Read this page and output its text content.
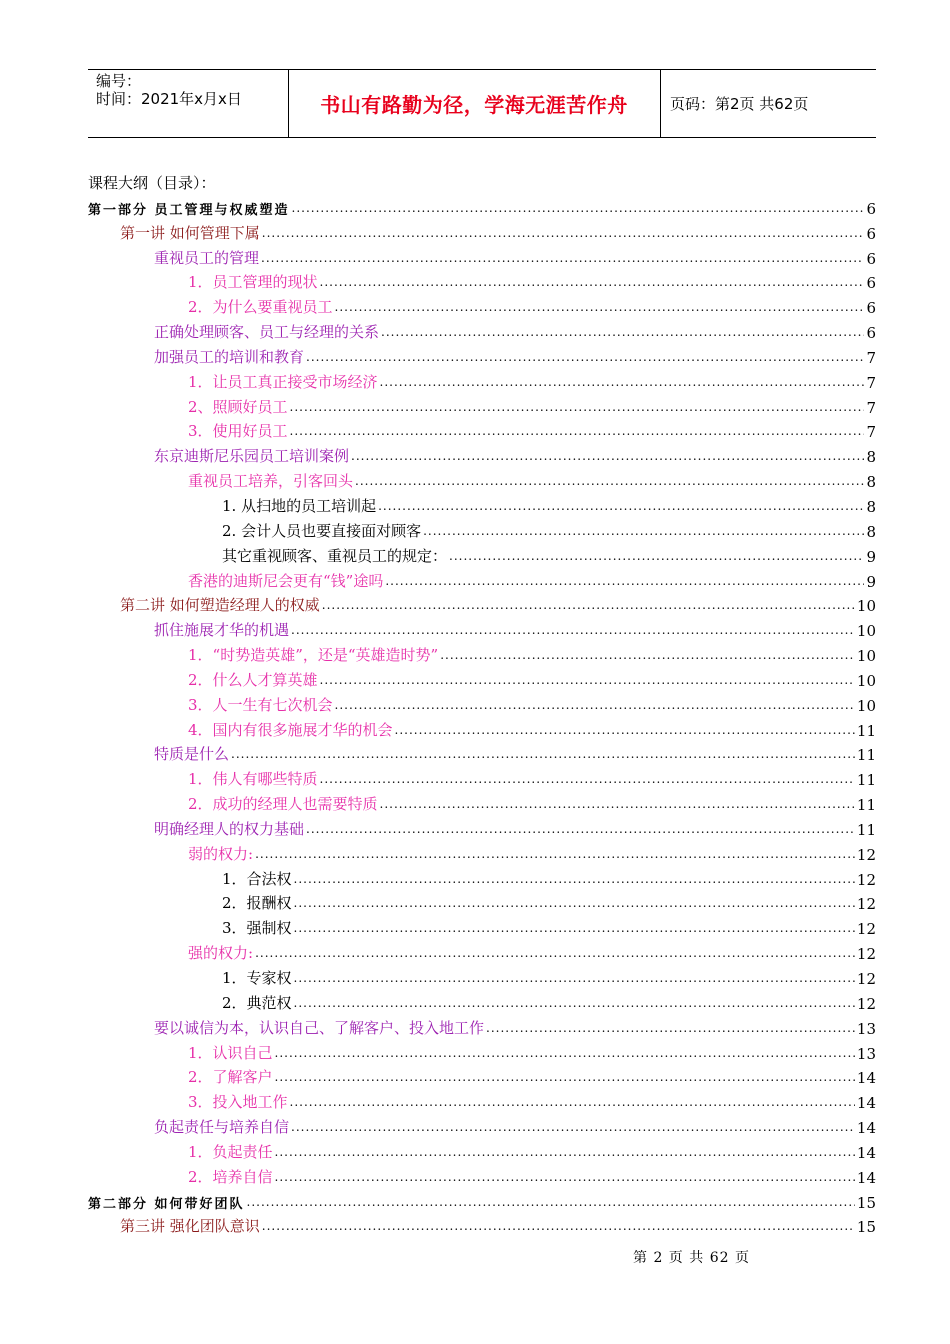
编号：
时间：2021年x月x日	书山有路勤为径，学海无涯苦作舟	页码：第2页 共62页
课程大纲（目录）：
第一部分 员工管理与权威塑造 .....	6
第一讲 如何管理下属 .....	6
重视员工的管理 .....	6
1．员工管理的现状 .....	6
2．为什么要重视员工 .....	6
正确处理顾客、员工与经理的关系 .....	6
加强员工的培训和教育 .....	7
1．让员工真正接受市场经济 .....	7
2、照顾好员工 .....	7
3．使用好员工 .....	7
东京迪斯尼乐园员工培训案例 .....	8
重视员工培养，引客回头 .....	8
1. 从扫地的员工培训起 .....	8
2. 会计人员也要直接面对顾客 .....	8
其它重视顾客、重视员工的规定： .....	9
香港的迪斯尼会更有“钱”途吗 .....	9
第二讲 如何塑造经理人的权威 .....	10
抓住施展才华的机遇 .....	10
1．“时势造英雄”，还是“英雄造时势” .....	10
2．什么人才算英雄 .....	10
3．人一生有七次机会 .....	10
4．国内有很多施展才华的机会 .....	11
特质是什么 .....	11
1．伟人有哪些特质 .....	11
2．成功的经理人也需要特质 .....	11
明确经理人的权力基础 .....	11
弱的权力: .....	12
1．合法权 .....	12
2．报酬权 .....	12
3．强制权 .....	12
强的权力: .....	12
1．专家权 .....	12
2．典范权 .....	12
要以诚信为本，认识自己、了解客户、投入地工作 .....	13
1．认识自己 .....	13
2．了解客户 .....	14
3．投入地工作 .....	14
负起责任与培养自信 .....	14
1．负起责任 .....	14
2．培养自信 .....	14
第二部分 如何带好团队 .....	15
第三讲 强化团队意识 .....	15
第 2 页 共 62 页
